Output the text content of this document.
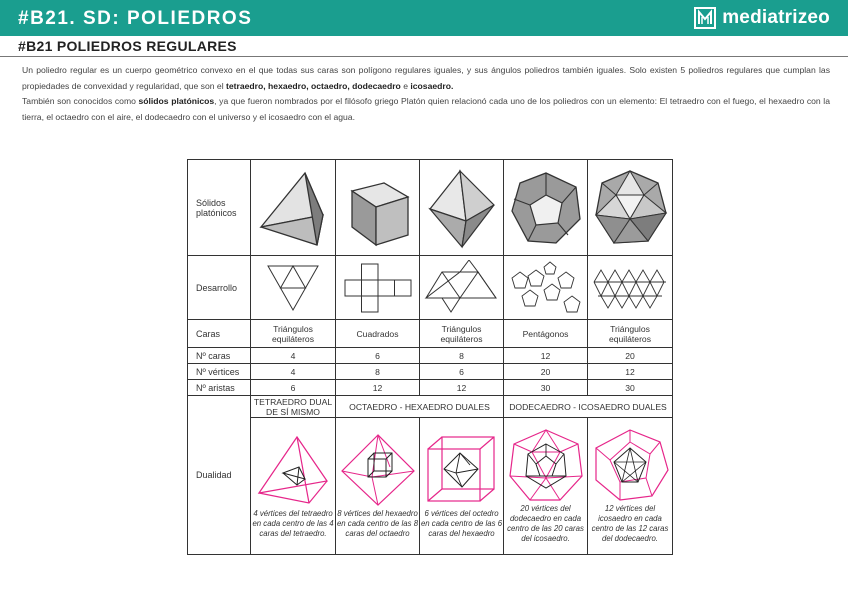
#B21. SD: POLIEDROS	mediatrizeo
#B21 POLIEDROS REGULARES
Un poliedro regular es un cuerpo geométrico convexo en el que todas sus caras son polígono regulares iguales, y sus ángulos poliedros también iguales. Solo existen 5 poliedros regulares que cumplan las propiedades de convexidad y regularidad, que son el tetraedro, hexaedro, octaedro, dodecaedro e icosaedro.
También son conocidos como sólidos platónicos, ya que fueron nombrados por el filósofo griego Platón quien relacionó cada uno de los poliedros con un elemento: El tetraedro con el fuego, el hexaedro con la tierra, el octaedro con el aire, el dodecaedro con el universo y el icosaedro con el agua.
Sólidos platónicos	

Desarrollo	

Caras	Triángulos equiláteros	Cuadrados	Triángulos equiláteros	Pentágonos	Triángulos equiláteros
Nº caras	4	6	8	12	20
Nº vértices	4	8	6	20	12
Nº aristas	6	12	12	30	30
Dualidad	TETRAEDRO DUAL DE SÍ MISMO	OCTAEDRO - HEXAEDRO DUALES		DODECAEDRO - ICOSAEDRO DUALES	

	4 vértices del tetraedro en cada centro de las 4 caras del tetraedro.	8 vértices del hexaedro en cada centro de las 8 caras del octaedro	6 vértices del octedro en cada centro de las 6 caras del hexaedro	20 vértices del dodecaedro en cada centro de las 20 caras del icosaedro.	12 vértices del icosaedro en cada centro de las 12 caras del dodecaedro.
